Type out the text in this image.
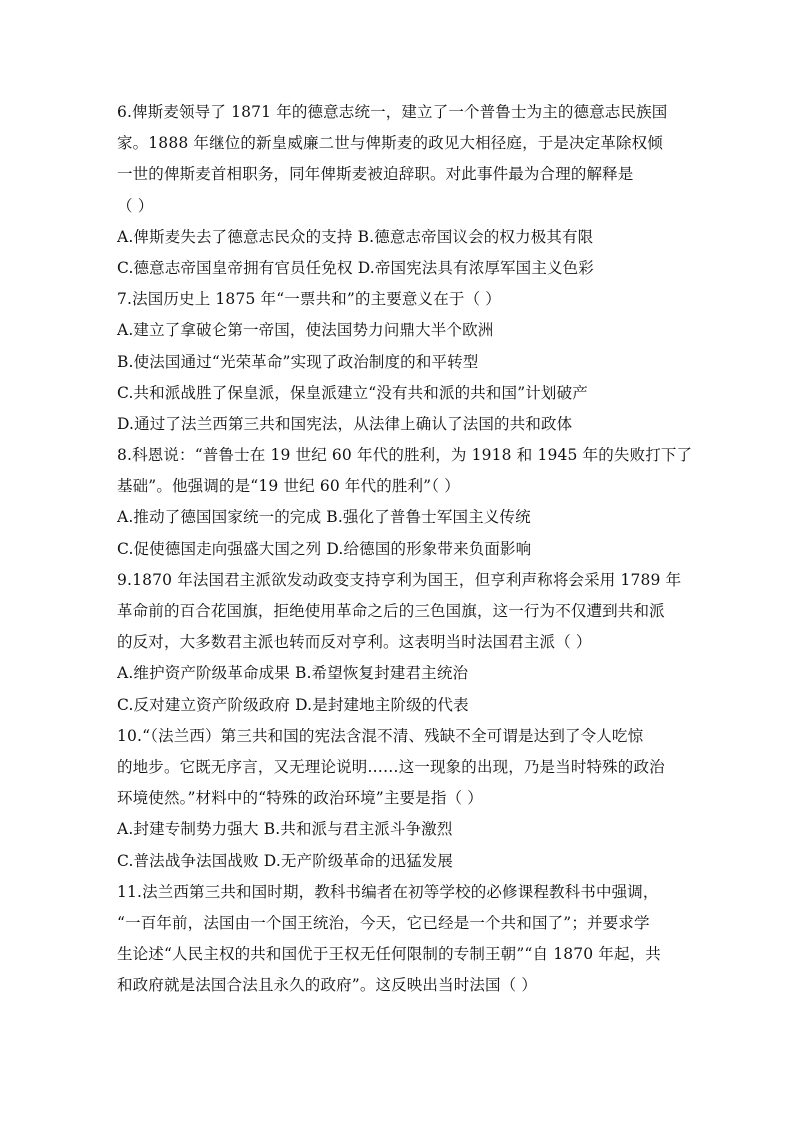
6.俾斯麦领导了 1871 年的德意志统一，建立了一个普鲁士为主的德意志民族国
家。1888 年继位的新皇威廉二世与俾斯麦的政见大相径庭，于是决定革除权倾
一世的俾斯麦首相职务，同年俾斯麦被迫辞职。对此事件最为合理的解释是
（ ）
A.俾斯麦失去了德意志民众的支持 B.德意志帝国议会的权力极其有限
C.德意志帝国皇帝拥有官员任免权 D.帝国宪法具有浓厚军国主义色彩
7.法国历史上 1875 年“一票共和”的主要意义在于（ ）
A.建立了拿破仑第一帝国，使法国势力问鼎大半个欧洲
B.使法国通过“光荣革命”实现了政治制度的和平转型
C.共和派战胜了保皇派，保皇派建立“没有共和派的共和国”计划破产
D.通过了法兰西第三共和国宪法，从法律上确认了法国的共和政体
8.科恩说：“普鲁士在 19 世纪 60 年代的胜利，为 1918 和 1945 年的失败打下了
基础”。他强调的是“19 世纪 60 年代的胜利”（ ）
A.推动了德国国家统一的完成 B.强化了普鲁士军国主义传统
C.促使德国走向强盛大国之列 D.给德国的形象带来负面影响
9.1870 年法国君主派欲发动政变支持亨利为国王，但亨利声称将会采用 1789 年
革命前的百合花国旗，拒绝使用革命之后的三色国旗，这一行为不仅遭到共和派
的反对，大多数君主派也转而反对亨利。这表明当时法国君主派（ ）
A.维护资产阶级革命成果 B.希望恢复封建君主统治
C.反对建立资产阶级政府 D.是封建地主阶级的代表
10.“（法兰西）第三共和国的宪法含混不清、残缺不全可谓是达到了令人吃惊
的地步。它既无序言，又无理论说明……这一现象的出现，乃是当时特殊的政治
环境使然。”材料中的“特殊的政治环境”主要是指（ ）
A.封建专制势力强大 B.共和派与君主派斗争激烈
C.普法战争法国战败 D.无产阶级革命的迅猛发展
11.法兰西第三共和国时期，教科书编者在初等学校的必修课程教科书中强调，
“一百年前，法国由一个国王统治，今天，它已经是一个共和国了”；并要求学
生论述“人民主权的共和国优于王权无任何限制的专制王朝”“自 1870 年起，共
和政府就是法国合法且永久的政府”。这反映出当时法国（ ）
